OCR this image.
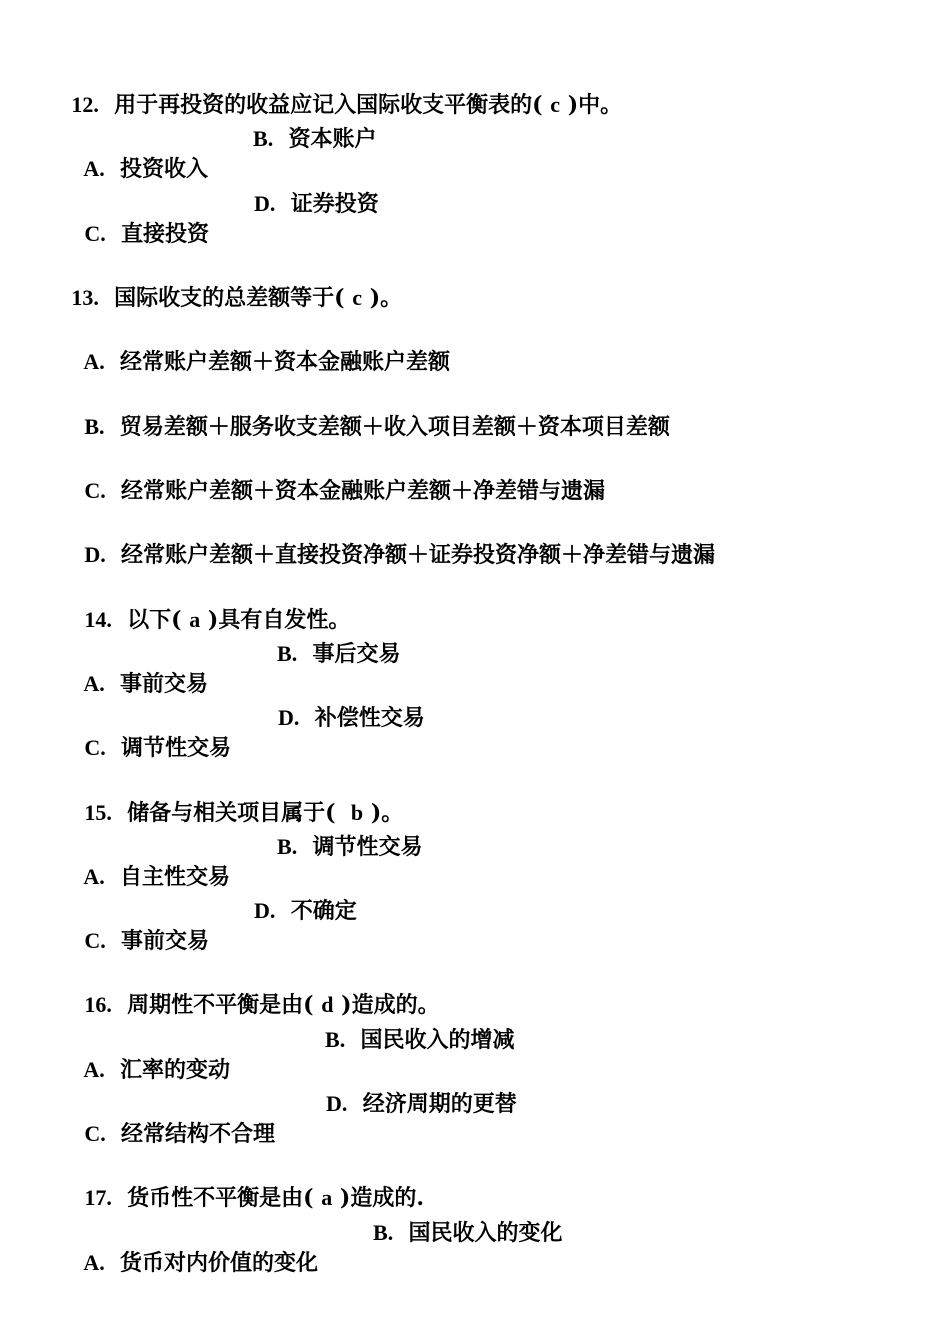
12. 用于再投资的收益应记入国际收支平衡表的( c )中。

A. 投资收入

B. 资本账户

C. 直接投资

D. 证券投资

13. 国际收支的总差额等于( c )。

A. 经常账户差额＋资本金融账户差额

B. 贸易差额＋服务收支差额＋收入项目差额＋资本项目差额

C. 经常账户差额＋资本金融账户差额＋净差错与遗漏

D. 经常账户差额＋直接投资净额＋证券投资净额＋净差错与遗漏

14. 以下( a )具有自发性。

A. 事前交易

B. 事后交易

C. 调节性交易

D. 补偿性交易

15. 储备与相关项目属于( b )。

A. 自主性交易

B. 调节性交易

C. 事前交易

D. 不确定

16. 周期性不平衡是由( d )造成的。

A. 汇率的变动

B. 国民收入的增减

C. 经常结构不合理

D. 经济周期的更替

17. 货币性不平衡是由( a )造成的.

A. 货币对内价值的变化

B. 国民收入的变化
